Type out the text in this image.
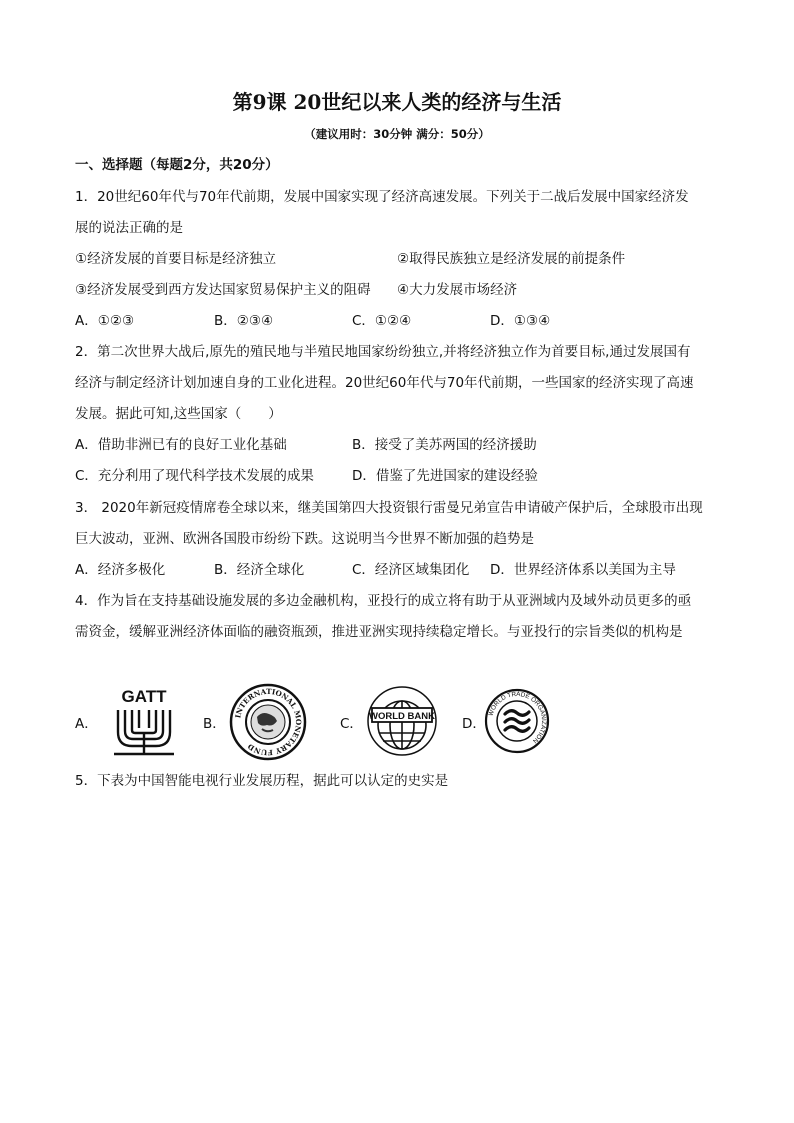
第9课 20世纪以来人类的经济与生活
（建议用时：30分钟 满分：50分）
一、选择题（每题2分，共20分）
1．20世纪60年代与70年代前期，发展中国家实现了经济高速发展。下列关于二战后发展中国家经济发
展的说法正确的是
①经济发展的首要目标是经济独立	②取得民族独立是经济发展的前提条件
③经济发展受到西方发达国家贸易保护主义的阻碍 ④大力发展市场经济
A．①②③	B．②③④	C．①②④	D．①③④
2．第二次世界大战后,原先的殖民地与半殖民地国家纷纷独立,并将经济独立作为首要目标,通过发展国有
经济与制定经济计划加速自身的工业化进程。20世纪60年代与70年代前期，一些国家的经济实现了高速
发展。据此可知,这些国家（　　）
A．借助非洲已有的良好工业化基础	B．接受了美苏两国的经济援助
C．充分利用了现代科学技术发展的成果	D．借鉴了先进国家的建设经验
3． 2020年新冠疫情席卷全球以来，继美国第四大投资银行雷曼兄弟宣告申请破产保护后，全球股市出现
巨大波动，亚洲、欧洲各国股市纷纷下跌。这说明当今世界不断加强的趋势是
A．经济多极化	B．经济全球化	C．经济区域集团化 D．世界经济体系以美国为主导
4．作为旨在支持基础设施发展的多边金融机构，亚投行的成立将有助于从亚洲域内及域外动员更多的亟
需资金，缓解亚洲经济体面临的融资瓶颈，推进亚洲实现持续稳定增长。与亚投行的宗旨类似的机构是
A．	B．	C．	D．
GATT
INTERNATIONAL MONETARY FUND
WORLD BANK	WORLD TRADE ORGANIZATION
5．下表为中国智能电视行业发展历程，据此可以认定的史实是
